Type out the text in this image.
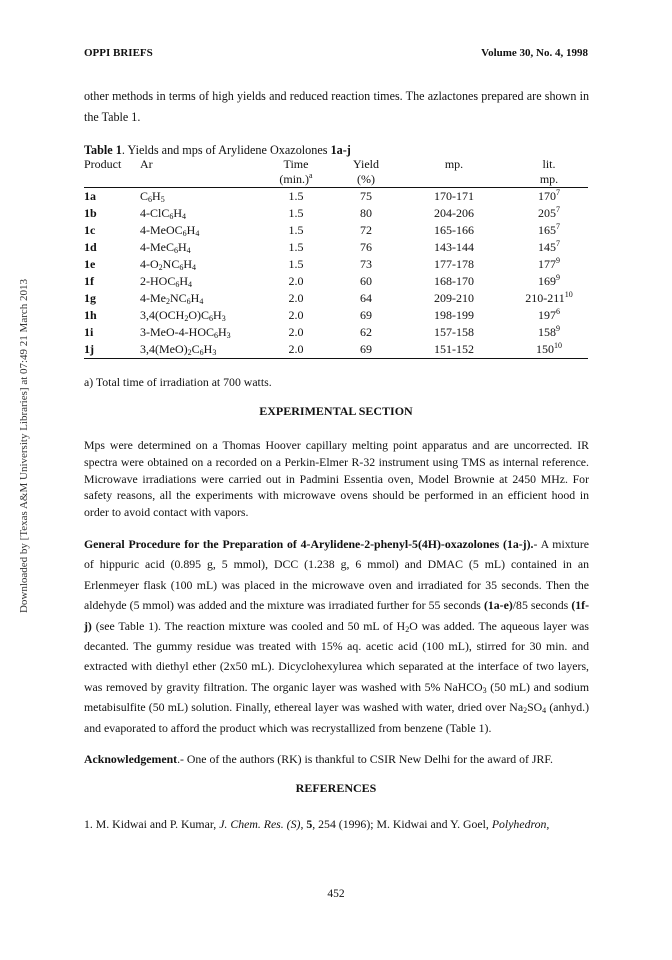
OPPI BRIEFS	Volume 30, No. 4, 1998
other methods in terms of high yields and reduced reaction times. The azlactones prepared are shown in the Table 1.
Table 1. Yields and mps of Arylidene Oxazolones 1a-j
Product	Ar	Time	Yield	mp.	lit.
		$(\min.)^a$	(%)		mp.
1a	$C_6H_5$	1.5	75	170-171	$170^7$
1b	$4-ClC_6H_4$	1.5	80	204-206	$205^7$
1c	$4-MeOC_6H_4$	1.5	72	165-166	$165^7$
1d	$4-MeC_6H_4$	1.5	76	143-144	$145^7$
1e	$4-O_2NC_6H_4$	1.5	73	177-178	$177^9$
1f	$2-HOC_6H_4$	2.0	60	168-170	$169^9$
1g	$4-Me_2NC_6H_4$	2.0	64	209-210	$210-211^{10}$
1h	$3,4(OCH_2O)C_6H_3$	2.0	69	198-199	$197^6$
1i	$3-MeO-4-HOC_6H_3$	2.0	62	157-158	$158^9$
1j	$3,4(MeO)_2C_6H_3$	2.0	69	151-152	$150^{10}$
a) Total time of irradiation at 700 watts.
EXPERIMENTAL SECTION
Mps were determined on a Thomas Hoover capillary melting point apparatus and are uncorrected. IR spectra were obtained on a recorded on a Perkin-Elmer R-32 instrument using TMS as internal reference. Microwave irradiations were carried out in Padmini Essentia oven, Model Brownie at 2450 MHz. For safety reasons, all the experiments with microwave ovens should be performed in an efficient hood in order to avoid contact with vapors.
General Procedure for the Preparation of 4-Arylidene-2-phenyl-5(4H)-oxazolones (1a-j).- A mixture of hippuric acid (0.895 g, 5 mmol), DCC (1.238 g, 6 mmol) and DMAC (5 mL) contained in an Erlenmeyer flask (100 mL) was placed in the microwave oven and irradiated for 35 seconds. Then the aldehyde (5 mmol) was added and the mixture was irradiated further for 55 seconds (1a-e)/85 seconds (1f-j) (see Table 1). The reaction mixture was cooled and 50 mL of $H_2O$ was added. The aqueous layer was decanted. The gummy residue was treated with 15% aq. acetic acid (100 mL), stirred for 30 min. and extracted with diethyl ether (2x50 mL). Dicyclohexylurea which separated at the interface of two layers, was removed by gravity filtration. The organic layer was washed with 5% NaHCO$_3$ (50 mL) and sodium metabisulfite (50 mL) solution. Finally, ethereal layer was washed with water, dried over $Na_2SO_4$ (anhyd.) and evaporated to afford the product which was recrystallized from benzene (Table 1).
Acknowledgement.- One of the authors (RK) is thankful to CSIR New Delhi for the award of JRF.
REFERENCES
1. M. Kidwai and P. Kumar, J. Chem. Res. (S), 5, 254 (1996); M. Kidwai and Y. Goel, Polyhedron,
452
Downloaded by [Texas A&M University Libraries] at 07:49 21 March 2013
